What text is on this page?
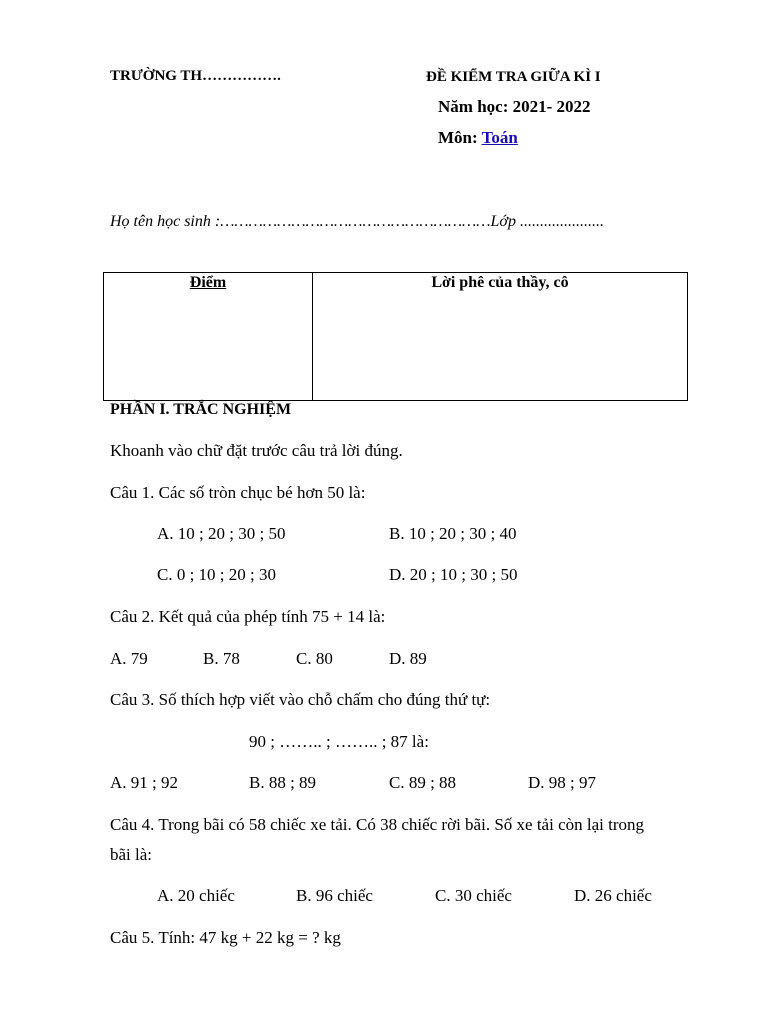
TRƯỜNG TH…………….	ĐỀ KIỂM TRA GIỮA KÌ I
Năm học: 2021- 2022
Môn: Toán
Họ tên học sinh :…………………………………………………Lớp .....................
Điểm	Lời phê của thầy, cô
PHẦN I. TRẮC NGHIỆM
Khoanh vào chữ đặt trước câu trả lời đúng.
Câu 1. Các số tròn chục bé hơn 50 là:
A. 10 ; 20 ; 30 ; 50	B. 10 ; 20 ; 30 ; 40
C. 0 ; 10 ; 20 ; 30	D. 20 ; 10 ; 30 ; 50
Câu 2. Kết quả của phép tính 75 + 14 là:
A. 79	B. 78	C. 80	D. 89
Câu 3. Số thích hợp viết vào chỗ chấm cho đúng thứ tự:
90 ; …….. ; …….. ; 87 là:
A. 91 ; 92	B. 88 ; 89	C. 89 ; 88	D. 98 ; 97
Câu 4. Trong bãi có 58 chiếc xe tải. Có 38 chiếc rời bãi. Số xe tải còn lại trong
bãi là:
A. 20 chiếc	B. 96 chiếc	C. 30 chiếc	D. 26 chiếc
Câu 5. Tính: 47 kg + 22 kg = ? kg
